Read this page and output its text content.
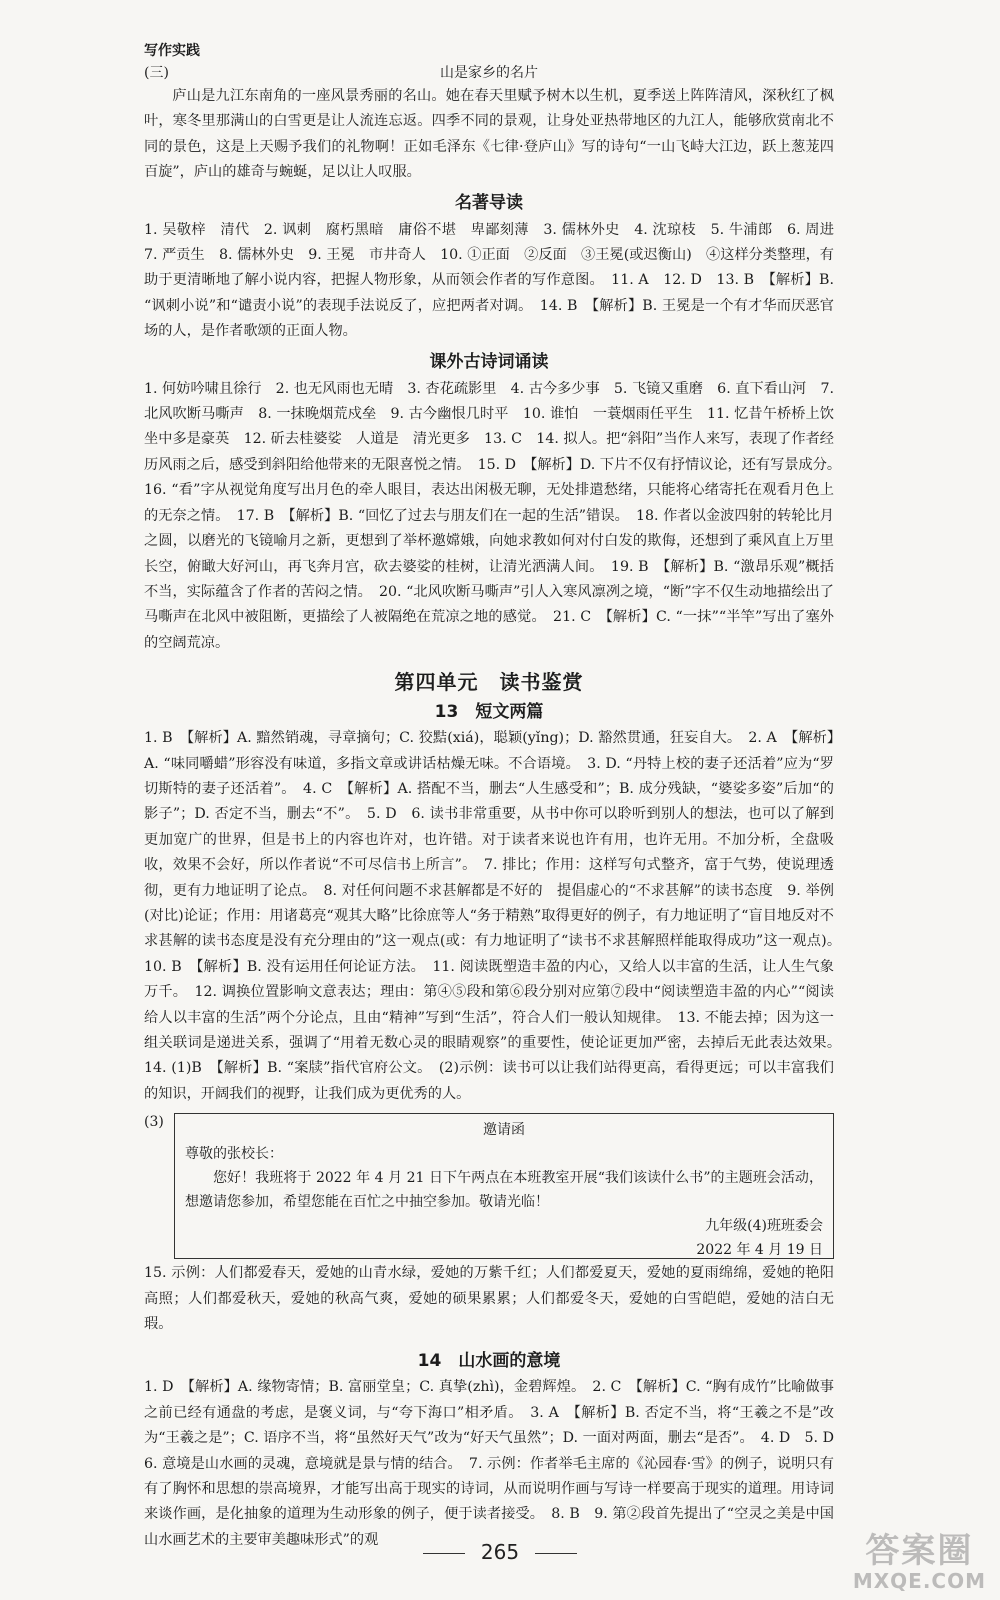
写作实践
(三)	山是家乡的名片

庐山是九江东南角的一座风景秀丽的名山。她在春天里赋予树木以生机，夏季送上阵阵清风，深秋红了枫叶，寒冬里那满山的白雪更是让人流连忘返。四季不同的景观，让身处亚热带地区的九江人，能够欣赏南北不同的景色，这是上天赐予我们的礼物啊！正如毛泽东《七律·登庐山》写的诗句“一山飞峙大江边，跃上葱茏四百旋”，庐山的雄奇与蜿蜒，足以让人叹服。

名著导读

1. 吴敬梓　清代　2. 讽刺　腐朽黑暗　庸俗不堪　卑鄙刻薄　3. 儒林外史　4. 沈琼枝　5. 牛浦郎　6. 周进　7. 严贡生　8. 儒林外史　9. 王冕　市井奇人　10. ①正面　②反面　③王冕(或迟衡山)　④这样分类整理，有助于更清晰地了解小说内容，把握人物形象，从而领会作者的写作意图。　11. A　12. D　13. B　【解析】B. “讽刺小说”和“谴责小说”的表现手法说反了，应把两者对调。　14. B　【解析】B. 王冕是一个有才华而厌恶官场的人，是作者歌颂的正面人物。

课外古诗词诵读

1. 何妨吟啸且徐行　2. 也无风雨也无晴　3. 杏花疏影里　4. 古今多少事　5. 飞镜又重磨　6. 直下看山河　7. 北风吹断马嘶声　8. 一抹晚烟荒戍垒　9. 古今幽恨几时平　10. 谁怕　一蓑烟雨任平生　11. 忆昔午桥桥上饮　坐中多是豪英　12. 斫去桂婆娑　人道是　清光更多　13. C　14. 拟人。把“斜阳”当作人来写，表现了作者经历风雨之后，感受到斜阳给他带来的无限喜悦之情。　15. D　【解析】D. 下片不仅有抒情议论，还有写景成分。　16. “看”字从视觉角度写出月色的牵人眼目，表达出闲极无聊，无处排遣愁绪，只能将心绪寄托在观看月色上的无奈之情。　17. B　【解析】B. “回忆了过去与朋友们在一起的生活”错误。　18. 作者以金波四射的转轮比月之圆，以磨光的飞镜喻月之新，更想到了举杯邀嫦娥，向她求教如何对付白发的欺侮，还想到了乘风直上万里长空，俯瞰大好河山，再飞奔月宫，砍去婆娑的桂树，让清光洒满人间。　19. B　【解析】B. “激昂乐观”概括不当，实际蕴含了作者的苦闷之情。　20. “北风吹断马嘶声”引人入寒风凛冽之境，“断”字不仅生动地描绘出了马嘶声在北风中被阻断，更描绘了人被隔绝在荒凉之地的感觉。　21. C　【解析】C. “一抹”“半竿”写出了塞外的空阔荒凉。

第四单元　读书鉴赏
13　短文两篇

1. B　【解析】A. 黯然销魂，寻章摘句；C. 狡黠(xiá)，聪颖(yǐng)；D. 豁然贯通，狂妄自大。　2. A　【解析】A. “味同嚼蜡”形容没有味道，多指文章或讲话枯燥无味。不合语境。　3. D. “丹特上校的妻子还活着”应为“罗切斯特的妻子还活着”。　4. C　【解析】A. 搭配不当，删去“人生感受和”；B. 成分残缺，“婆娑多姿”后加“的影子”；D. 否定不当，删去“不”。　5. D　6. 读书非常重要，从书中你可以聆听到别人的想法，也可以了解到更加宽广的世界，但是书上的内容也许对，也许错。对于读者来说也许有用，也许无用。不加分析，全盘吸收，效果不会好，所以作者说“不可尽信书上所言”。　7. 排比；作用：这样写句式整齐，富于气势，使说理透彻，更有力地证明了论点。　8. 对任何问题不求甚解都是不好的　提倡虚心的“不求甚解”的读书态度　9. 举例(对比)论证；作用：用诸葛亮“观其大略”比徐庶等人“务于精熟”取得更好的例子，有力地证明了“盲目地反对不求甚解的读书态度是没有充分理由的”这一观点(或：有力地证明了“读书不求甚解照样能取得成功”这一观点)。　10. B　【解析】B. 没有运用任何论证方法。　11. 阅读既塑造丰盈的内心，又给人以丰富的生活，让人生气象万千。　12. 调换位置影响文意表达；理由：第④⑤段和第⑥段分别对应第⑦段中“阅读塑造丰盈的内心”“阅读给人以丰富的生活”两个分论点，且由“精神”写到“生活”，符合人们一般认知规律。　13. 不能去掉；因为这一组关联词是递进关系，强调了“用着无数心灵的眼睛观察”的重要性，使论证更加严密，去掉后无此表达效果。　14. (1)B　【解析】B. “案牍”指代官府公文。　(2)示例：读书可以让我们站得更高，看得更远；可以丰富我们的知识，开阔我们的视野，让我们成为更优秀的人。

(3)	邀请函

尊敬的张校长：

您好！我班将于 2022 年 4 月 21 日下午两点在本班教室开展“我们该读什么书”的主题班会活动，想邀请您参加，希望您能在百忙之中抽空参加。敬请光临！

九年级(4)班班委会

2022 年 4 月 19 日

15. 示例：人们都爱春天，爱她的山青水绿，爱她的万紫千红；人们都爱夏天，爱她的夏雨绵绵，爱她的艳阳高照；人们都爱秋天，爱她的秋高气爽，爱她的硕果累累；人们都爱冬天，爱她的白雪皑皑，爱她的洁白无瑕。

14　山水画的意境

1. D　【解析】A. 缘物寄情；B. 富丽堂皇；C. 真挚(zhì)，金碧辉煌。　2. C　【解析】C. “胸有成竹”比喻做事之前已经有通盘的考虑，是褒义词，与“夸下海口”相矛盾。　3. A　【解析】B. 否定不当，将“王羲之不是”改为“王羲之是”；C. 语序不当，将“虽然好天气”改为“好天气虽然”；D. 一面对两面，删去“是否”。　4. D　5. D　6. 意境是山水画的灵魂，意境就是景与情的结合。　7. 示例：作者举毛主席的《沁园春·雪》的例子，说明只有有了胸怀和思想的崇高境界，才能写出高于现实的诗词，从而说明作画与写诗一样要高于现实的道理。用诗词来谈作画，是化抽象的道理为生动形象的例子，便于读者接受。　8. B　9. 第②段首先提出了“空灵之美是中国山水画艺术的主要审美趣味形式”的观

265	答案圈
MXQE.COM
